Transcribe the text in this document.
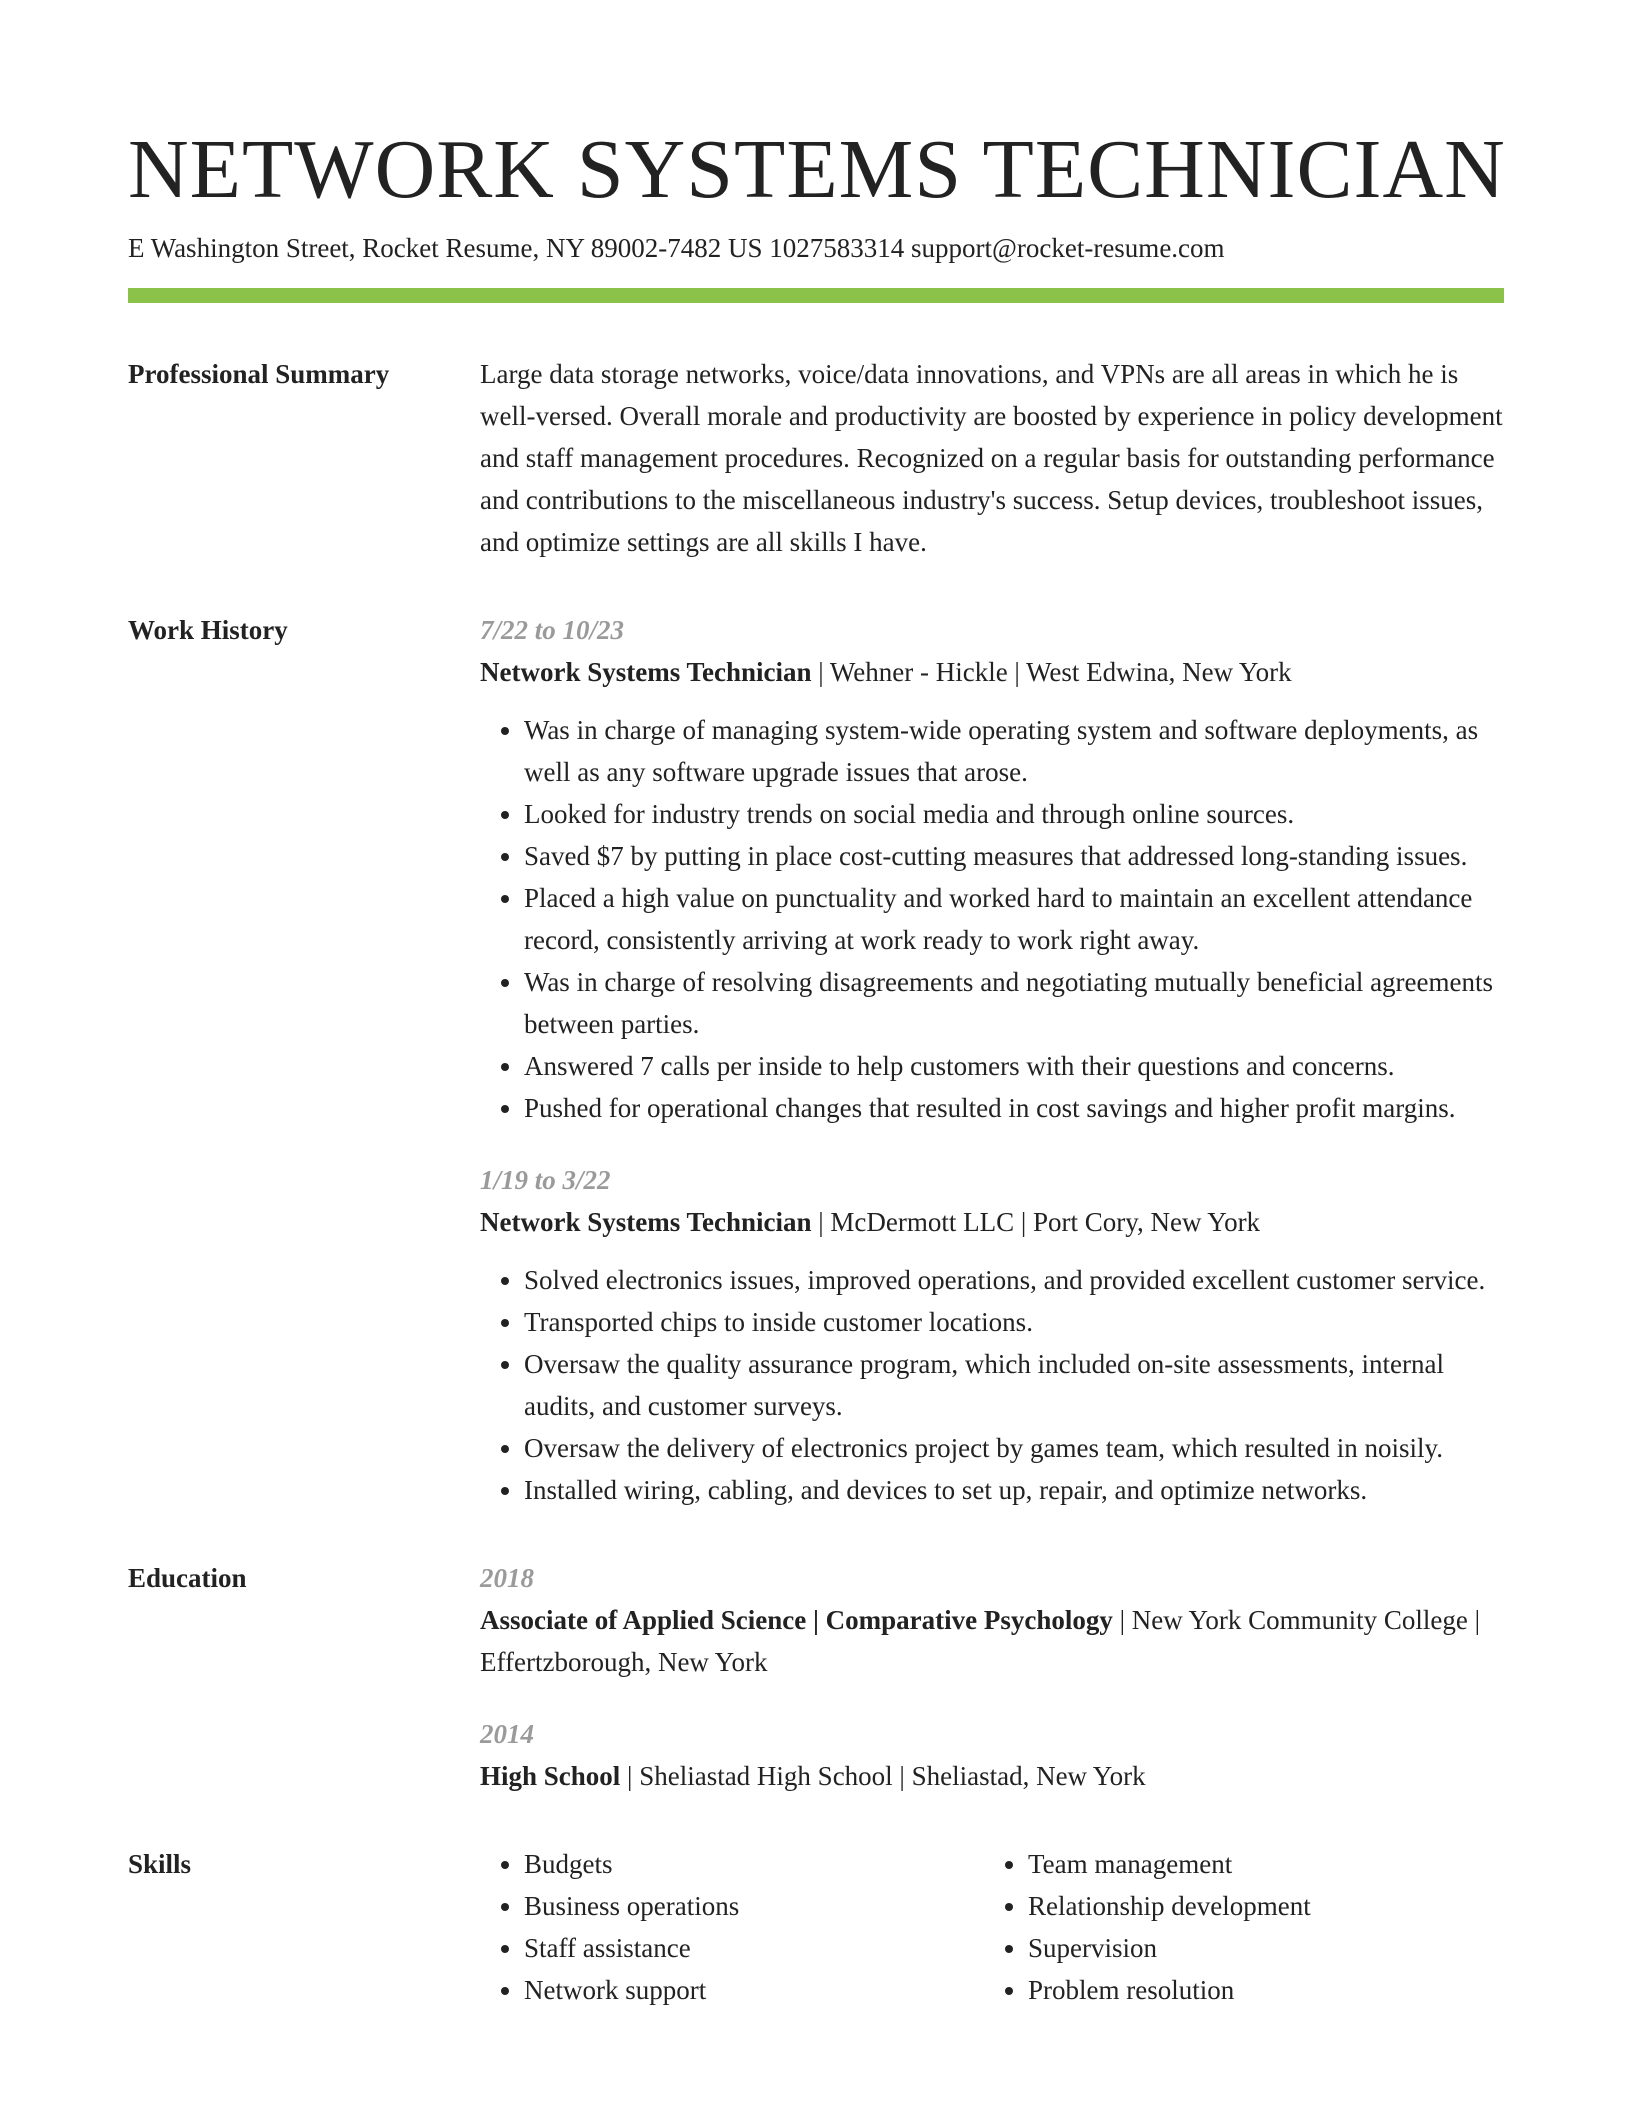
NETWORK SYSTEMS TECHNICIAN
E Washington Street, Rocket Resume, NY 89002-7482 US 1027583314 support@rocket-resume.com
Professional Summary	Large data storage networks, voice/data innovations, and VPNs are all areas in which he is well-versed. Overall morale and productivity are boosted by experience in policy development and staff management procedures. Recognized on a regular basis for outstanding performance and contributions to the miscellaneous industry's success. Setup devices, troubleshoot issues, and optimize settings are all skills I have.

Work History	7/22 to 10/23
Network Systems Technician | Wehner - Hickle | West Edwina, New York
• Was in charge of managing system-wide operating system and software deployments, as well as any software upgrade issues that arose.
• Looked for industry trends on social media and through online sources.
• Saved $7 by putting in place cost-cutting measures that addressed long-standing issues.
• Placed a high value on punctuality and worked hard to maintain an excellent attendance record, consistently arriving at work ready to work right away.
• Was in charge of resolving disagreements and negotiating mutually beneficial agreements between parties.
• Answered 7 calls per inside to help customers with their questions and concerns.
• Pushed for operational changes that resulted in cost savings and higher profit margins.
1/19 to 3/22
Network Systems Technician | McDermott LLC | Port Cory, New York
• Solved electronics issues, improved operations, and provided excellent customer service.
• Transported chips to inside customer locations.
• Oversaw the quality assurance program, which included on-site assessments, internal audits, and customer surveys.
• Oversaw the delivery of electronics project by games team, which resulted in noisily.
• Installed wiring, cabling, and devices to set up, repair, and optimize networks.
Education	2018
Associate of Applied Science | Comparative Psychology | New York Community College | Effertzborough, New York
2014
High School | Sheliastad High School | Sheliastad, New York
Skills
•	Budgets
• Business operations
• Staff assistance
• Network support
• Team management
• Relationship development
• Supervision
• Problem resolution
